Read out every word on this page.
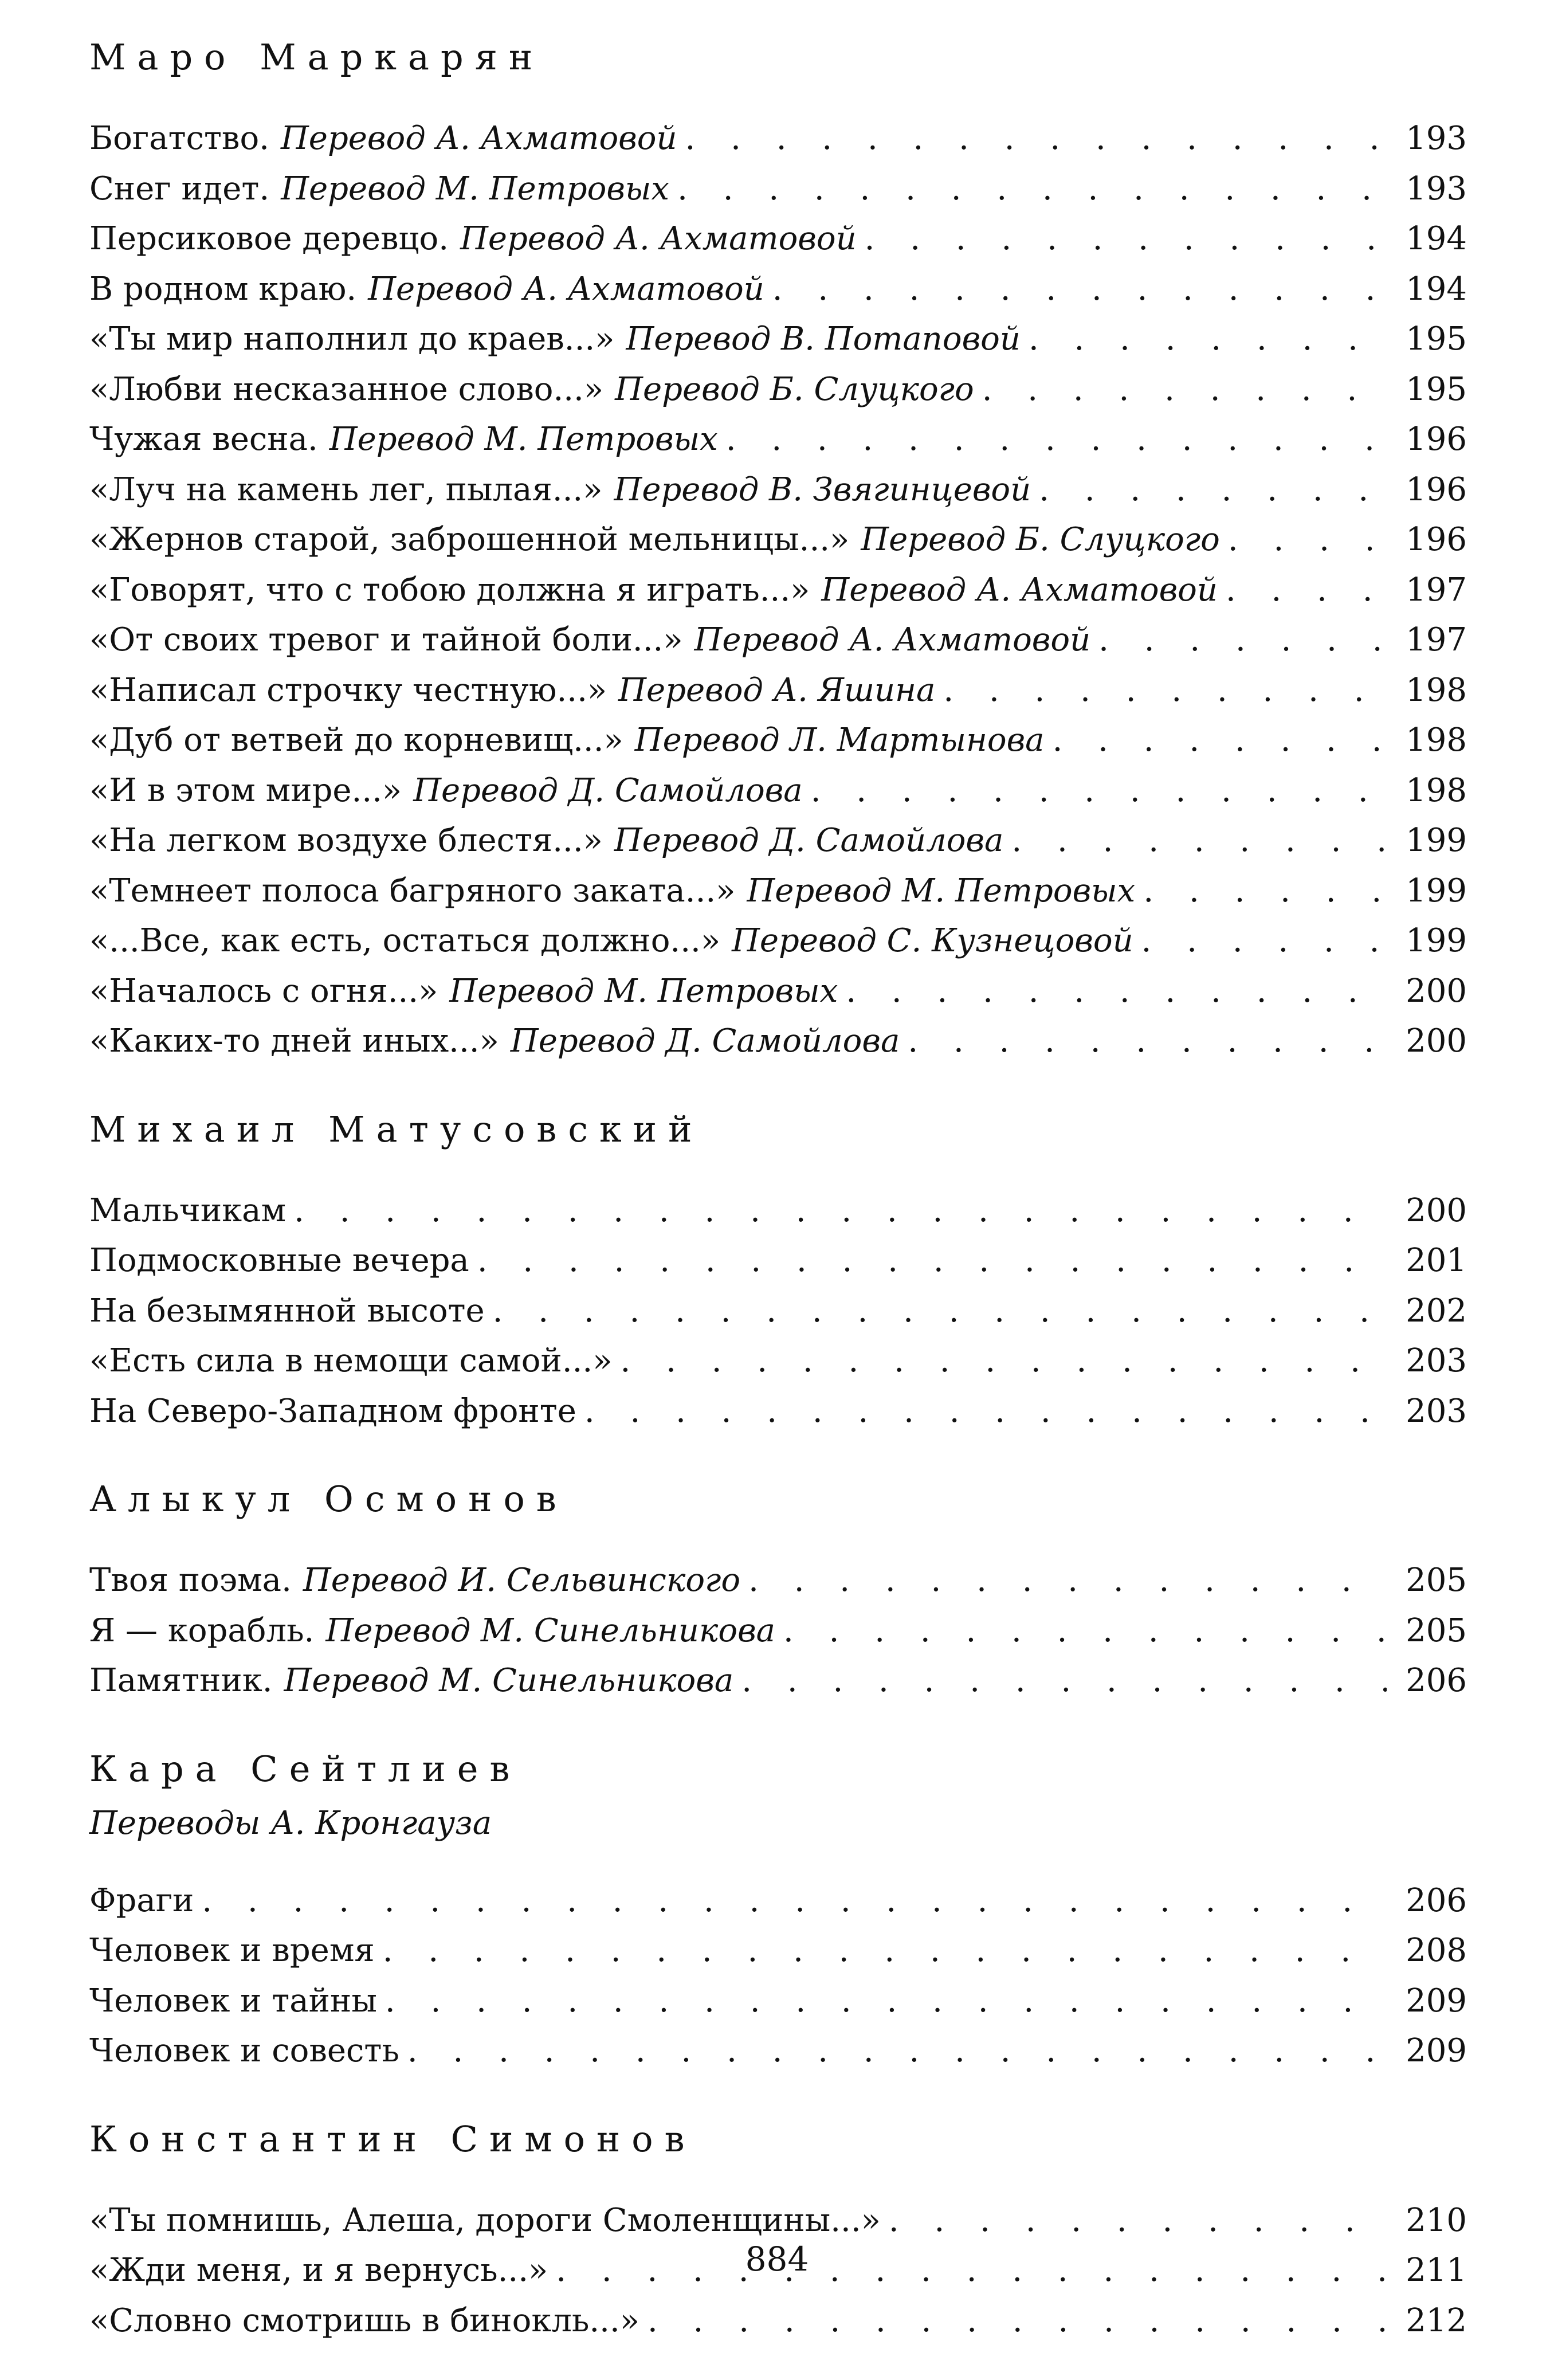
Маро Маркарян
Богатство. Перевод А. Ахматовой . . .	193
Снег идет. Перевод М. Петровых . . .	193
Персиковое деревцо. Перевод А. Ахматовой . . .	194
В родном краю. Перевод А. Ахматовой . . .	194
«Ты мир наполнил до краев...» Перевод В. Потаповой . . .	195
«Любви несказанное слово...» Перевод Б. Слуцкого . . .	195
Чужая весна. Перевод М. Петровых . . .	196
«Луч на камень лег, пылая...» Перевод В. Звягинцевой . . .	196
«Жернов старой, заброшенной мельницы...» Перевод Б. Слуцкого . . .	196
«Говорят, что с тобою должна я играть...» Перевод А. Ахматовой . . .	197
«От своих тревог и тайной боли...» Перевод А. Ахматовой . . .	197
«Написал строчку честную...» Перевод А. Яшина . . .	198
«Дуб от ветвей до корневищ...» Перевод Л. Мартынова . . .	198
«И в этом мире...» Перевод Д. Самойлова . . .	198
«На легком воздухе блестя...» Перевод Д. Самойлова . . .	199
«Темнеет полоса багряного заката...» Перевод М. Петровых . . .	199
«...Все, как есть, остаться должно...» Перевод С. Кузнецовой . . .	199
«Началось с огня...» Перевод М. Петровых . . .	200
«Каких-то дней иных...» Перевод Д. Самойлова . . .	200
Михаил Матусовский
Мальчикам . . .	200
Подмосковные вечера . . .	201
На безымянной высоте . . .	202
«Есть сила в немощи самой...» . . .	203
На Северо-Западном фронте . . .	203
Алыкул Осмонов
Твоя поэма. Перевод И. Сельвинского . . .	205
Я — корабль. Перевод М. Синельникова . . .	205
Памятник. Перевод М. Синельникова . . .	206
Кара Сейтлиев
Переводы А. Кронгауза
Фраги . . .	206
Человек и время . . .	208
Человек и тайны . . .	209
Человек и совесть . . .	209
Константин Симонов
«Ты помнишь, Алеша, дороги Смоленщины...» . . .	210
«Жди меня, и я вернусь...» . . .	211
«Словно смотришь в бинокль...» . . .	212
884
